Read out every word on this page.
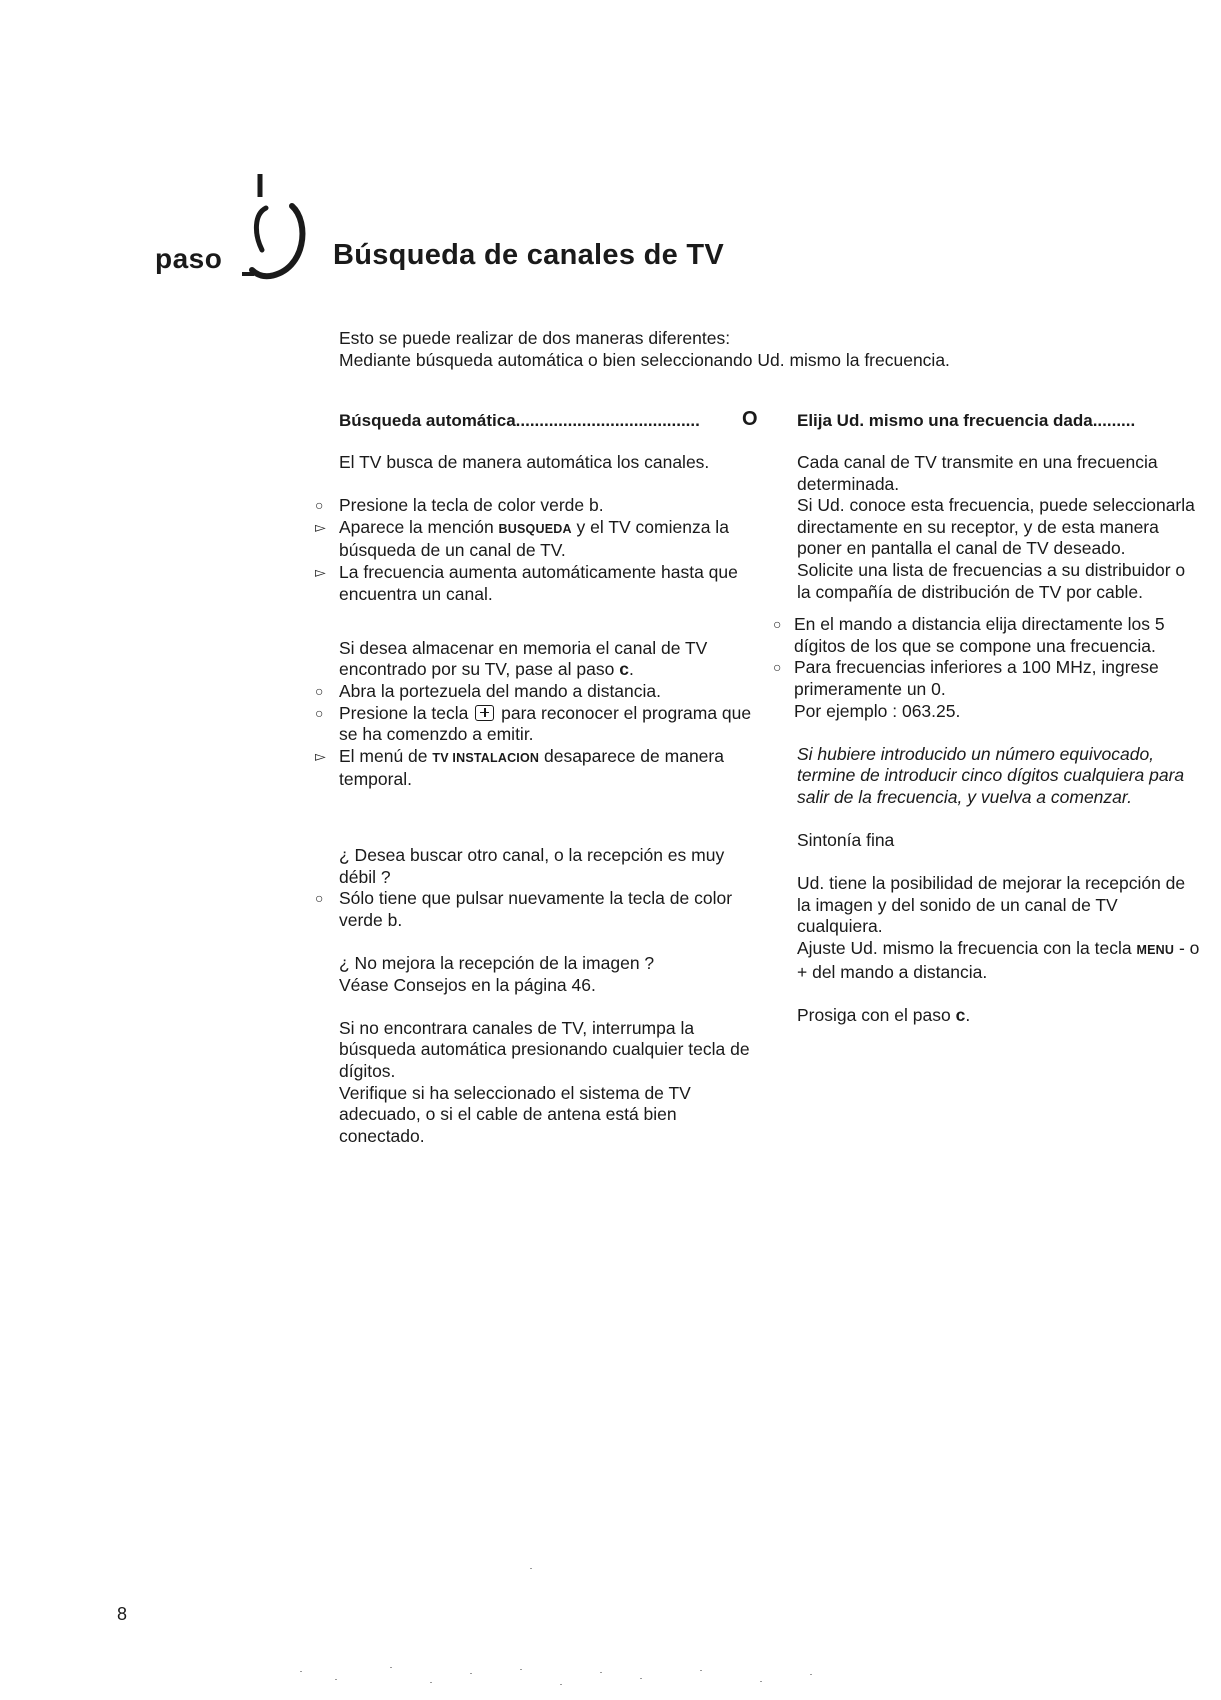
paso	Búsqueda de canales de TV
Esto se puede realizar de dos maneras diferentes:
Mediante búsqueda automática o bien seleccionando Ud. mismo la frecuencia.
Búsqueda automática....................................... O
El TV busca de manera automática los canales.
○ Presione la tecla de color verde b.
▻ Aparece la mención BUSQUEDA y el TV comienza la búsqueda de un canal de TV.
▻ La frecuencia aumenta automáticamente hasta que encuentra un canal.
Si desea almacenar en memoria el canal de TV encontrado por su TV, pase al paso c.
○ Abra la portezuela del mando a distancia.
○ Presione la tecla  para reconocer el programa que se ha comenzdo a emitir.
▻ El menú de TV INSTALACION desaparece de manera temporal.
¿ Desea buscar otro canal, o la recepción es muy débil ?
○ Sólo tiene que pulsar nuevamente la tecla de color verde b.
¿ No mejora la recepción de la imagen ?
Véase Consejos en la página 46.
Si no encontrara canales de TV, interrumpa la búsqueda automática presionando cualquier tecla de dígitos.
Verifique si ha seleccionado el sistema de TV adecuado, o si el cable de antena está bien conectado.
Elija Ud. mismo una frecuencia dada.........
Cada canal de TV transmite en una frecuencia determinada.
Si Ud. conoce esta frecuencia, puede seleccionarla directamente en su receptor, y de esta manera poner en pantalla el canal de TV deseado.
Solicite una lista de frecuencias a su distribuidor o la compañía de distribución de TV por cable.
○ En el mando a distancia elija directamente los 5 dígitos de los que se compone una frecuencia.
○ Para frecuencias inferiores a 100 MHz, ingrese primeramente un 0.
Por ejemplo : 063.25.
Si hubiere introducido un número equivocado, termine de introducir cinco dígitos cualquiera para salir de la frecuencia, y vuelva a comenzar.
Sintonía fina
Ud. tiene la posibilidad de mejorar la recepción de la imagen y del sonido de un canal de TV cualquiera.
Ajuste Ud. mismo la frecuencia con la tecla MENU - o + del mando a distancia.
Prosiga con el paso c.
8
